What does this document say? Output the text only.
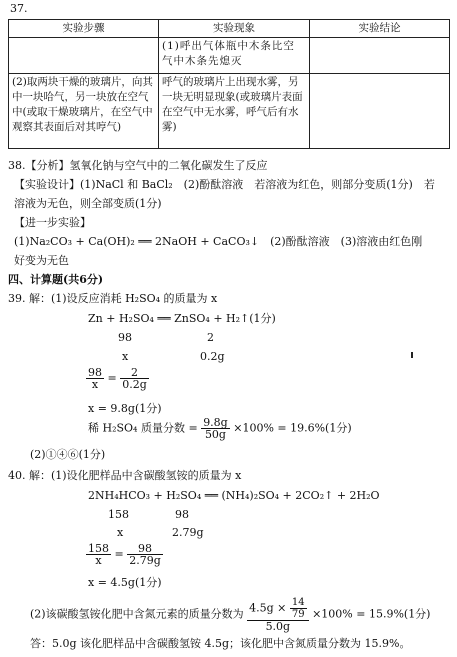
37.
实验步骤	实验现象	实验结论
	(1)呼出气体瓶中木条比空气中木条先熄灭	
(2)取两块干燥的玻璃片，向其中一块哈气，另一块放在空气中(或取干燥玻璃片，在空气中观察其表面后对其哼气)	呼气的玻璃片上出现水雾，另一块无明显现象(或玻璃片表面在空气中无水雾，呼气后有水雾)	
38.【分析】氢氧化钠与空气中的二氧化碳发生了反应
【实验设计】(1)NaCl 和 BaCl₂　(2)酚酞溶液　若溶液为红色，则部分变质(1分)　若
溶液为无色，则全部变质(1分)
【进一步实验】
(1)Na₂CO₃ + Ca(OH)₂ ══ 2NaOH + CaCO₃↓　(2)酚酞溶液　(3)溶液由红色刚
好变为无色
四、计算题(共6分)
39. 解：(1)设反应消耗 H₂SO₄ 的质量为 x
Zn + H₂SO₄ ══ ZnSO₄ + H₂↑(1分)
98	2
x	0.2g
$\frac{98}{x} = \frac{2}{0.2g}$
x = 9.8g(1分)
稀 H₂SO₄ 质量分数 = $\frac{9.8g}{50g} \times 100\% = 19.6\%(1$分)
(2)①④⑥(1分)
40. 解：(1)设化肥样品中含碳酸氢铵的质量为 x
2NH₄HCO₃ + H₂SO₄ ══ (NH₄)₂SO₄ + 2CO₂↑ + 2H₂O
158	98
x	2.79g
$\frac{158}{x} = \frac{98}{2.79g}$
x = 4.5g(1分)
(2)该碳酸氢铵化肥中含氮元素的质量分数为 $\frac{4.5g \times \frac{14}{79}}{5.0g} \times 100\% = 15.9\%(1$分)
答：5.0g 该化肥样品中含碳酸氢铵 4.5g；该化肥中含氮质量分数为 15.9%。
